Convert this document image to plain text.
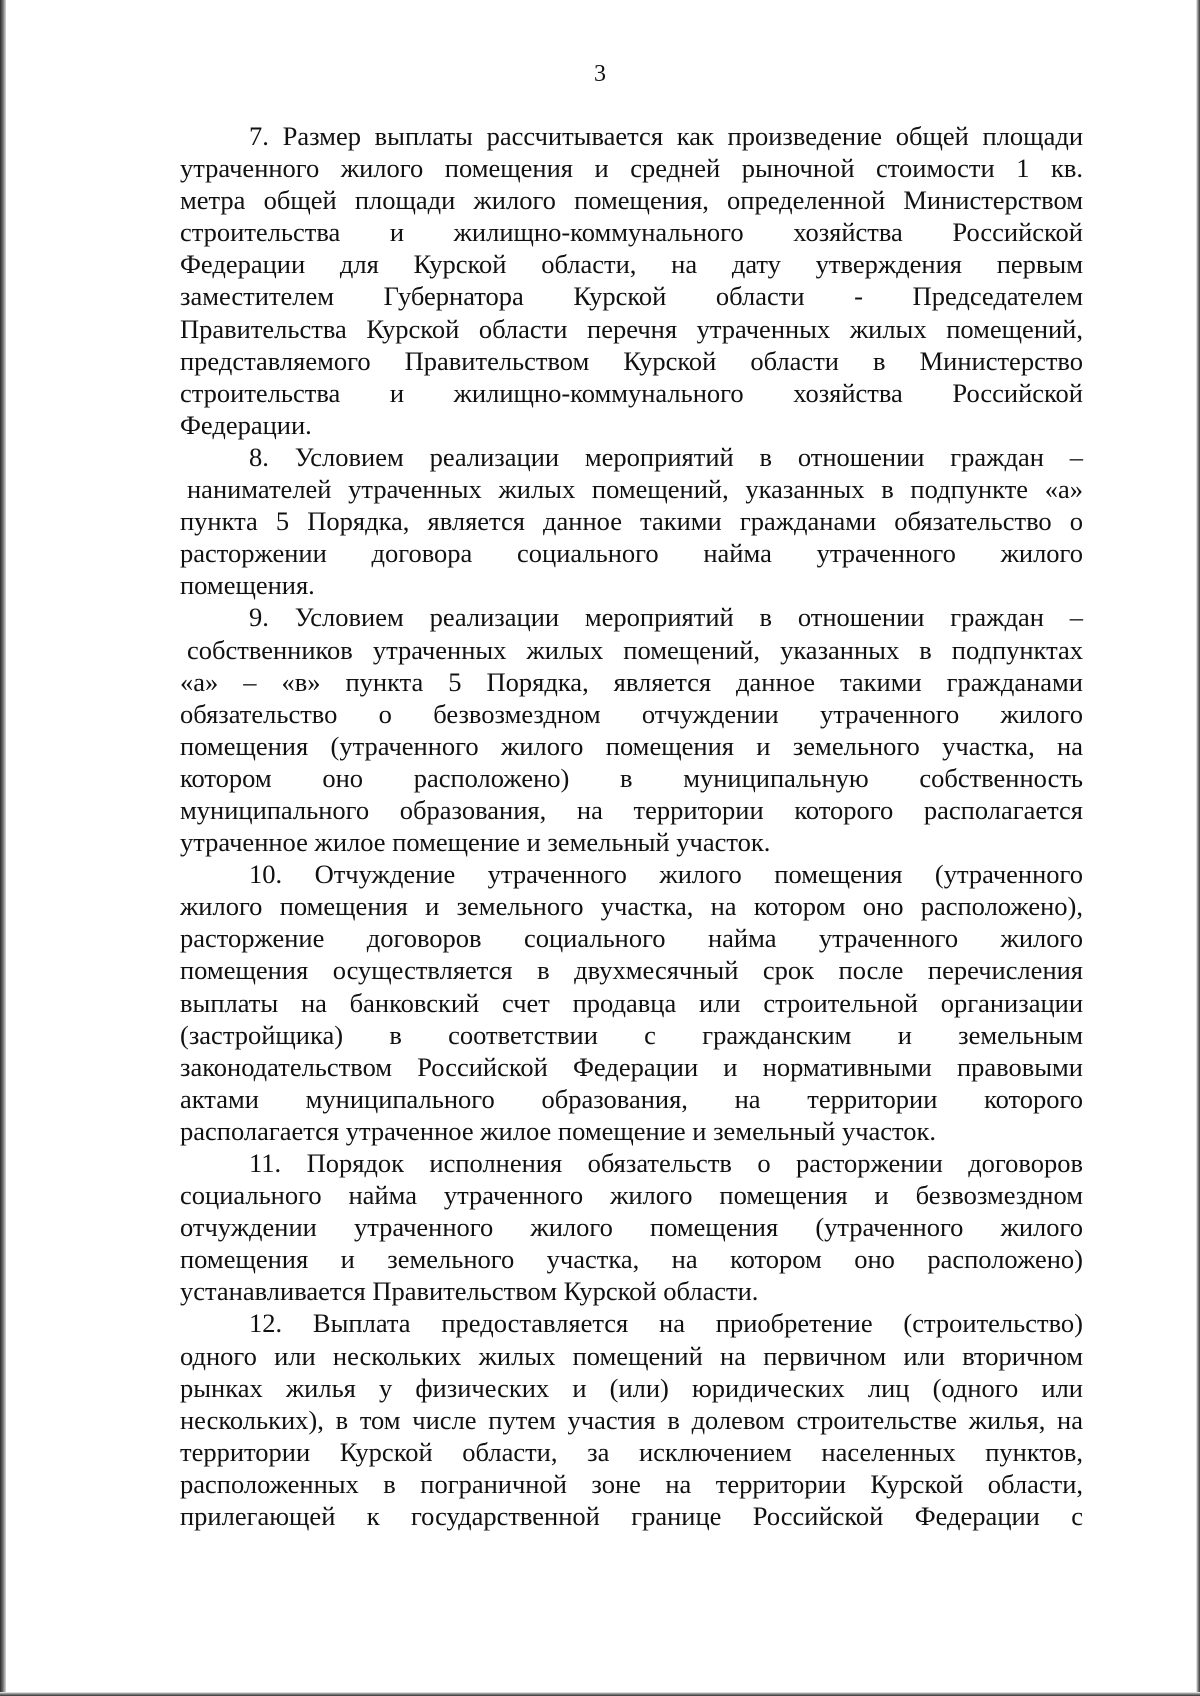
3
7. Размер выплаты рассчитывается как произведение общей площади
утраченного жилого помещения и средней рыночной стоимости 1 кв.
метра общей площади жилого помещения, определенной Министерством
строительства и жилищно-коммунального хозяйства Российской
Федерации для Курской области, на дату утверждения первым
заместителем Губернатора Курской области - Председателем
Правительства Курской области перечня утраченных жилых помещений,
представляемого Правительством Курской области в Министерство
строительства и жилищно-коммунального хозяйства Российской
Федерации.
8. Условием реализации мероприятий в отношении граждан –
нанимателей утраченных жилых помещений, указанных в подпункте «а»
пункта 5 Порядка, является данное такими гражданами обязательство о
расторжении договора социального найма утраченного жилого
помещения.
9. Условием реализации мероприятий в отношении граждан –
собственников утраченных жилых помещений, указанных в подпунктах
«а» – «в» пункта 5 Порядка, является данное такими гражданами
обязательство о безвозмездном отчуждении утраченного жилого
помещения (утраченного жилого помещения и земельного участка, на
котором оно расположено) в муниципальную собственность
муниципального образования, на территории которого располагается
утраченное жилое помещение и земельный участок.
10. Отчуждение утраченного жилого помещения (утраченного
жилого помещения и земельного участка, на котором оно расположено),
расторжение договоров социального найма утраченного жилого
помещения осуществляется в двухмесячный срок после перечисления
выплаты на банковский счет продавца или строительной организации
(застройщика) в соответствии с гражданским и земельным
законодательством Российской Федерации и нормативными правовыми
актами муниципального образования, на территории которого
располагается утраченное жилое помещение и земельный участок.
11. Порядок исполнения обязательств о расторжении договоров
социального найма утраченного жилого помещения и безвозмездном
отчуждении утраченного жилого помещения (утраченного жилого
помещения и земельного участка, на котором оно расположено)
устанавливается Правительством Курской области.
12. Выплата предоставляется на приобретение (строительство)
одного или нескольких жилых помещений на первичном или вторичном
рынках жилья у физических и (или) юридических лиц (одного или
нескольких), в том числе путем участия в долевом строительстве жилья, на
территории Курской области, за исключением населенных пунктов,
расположенных в пограничной зоне на территории Курской области,
прилегающей к государственной границе Российской Федерации с
